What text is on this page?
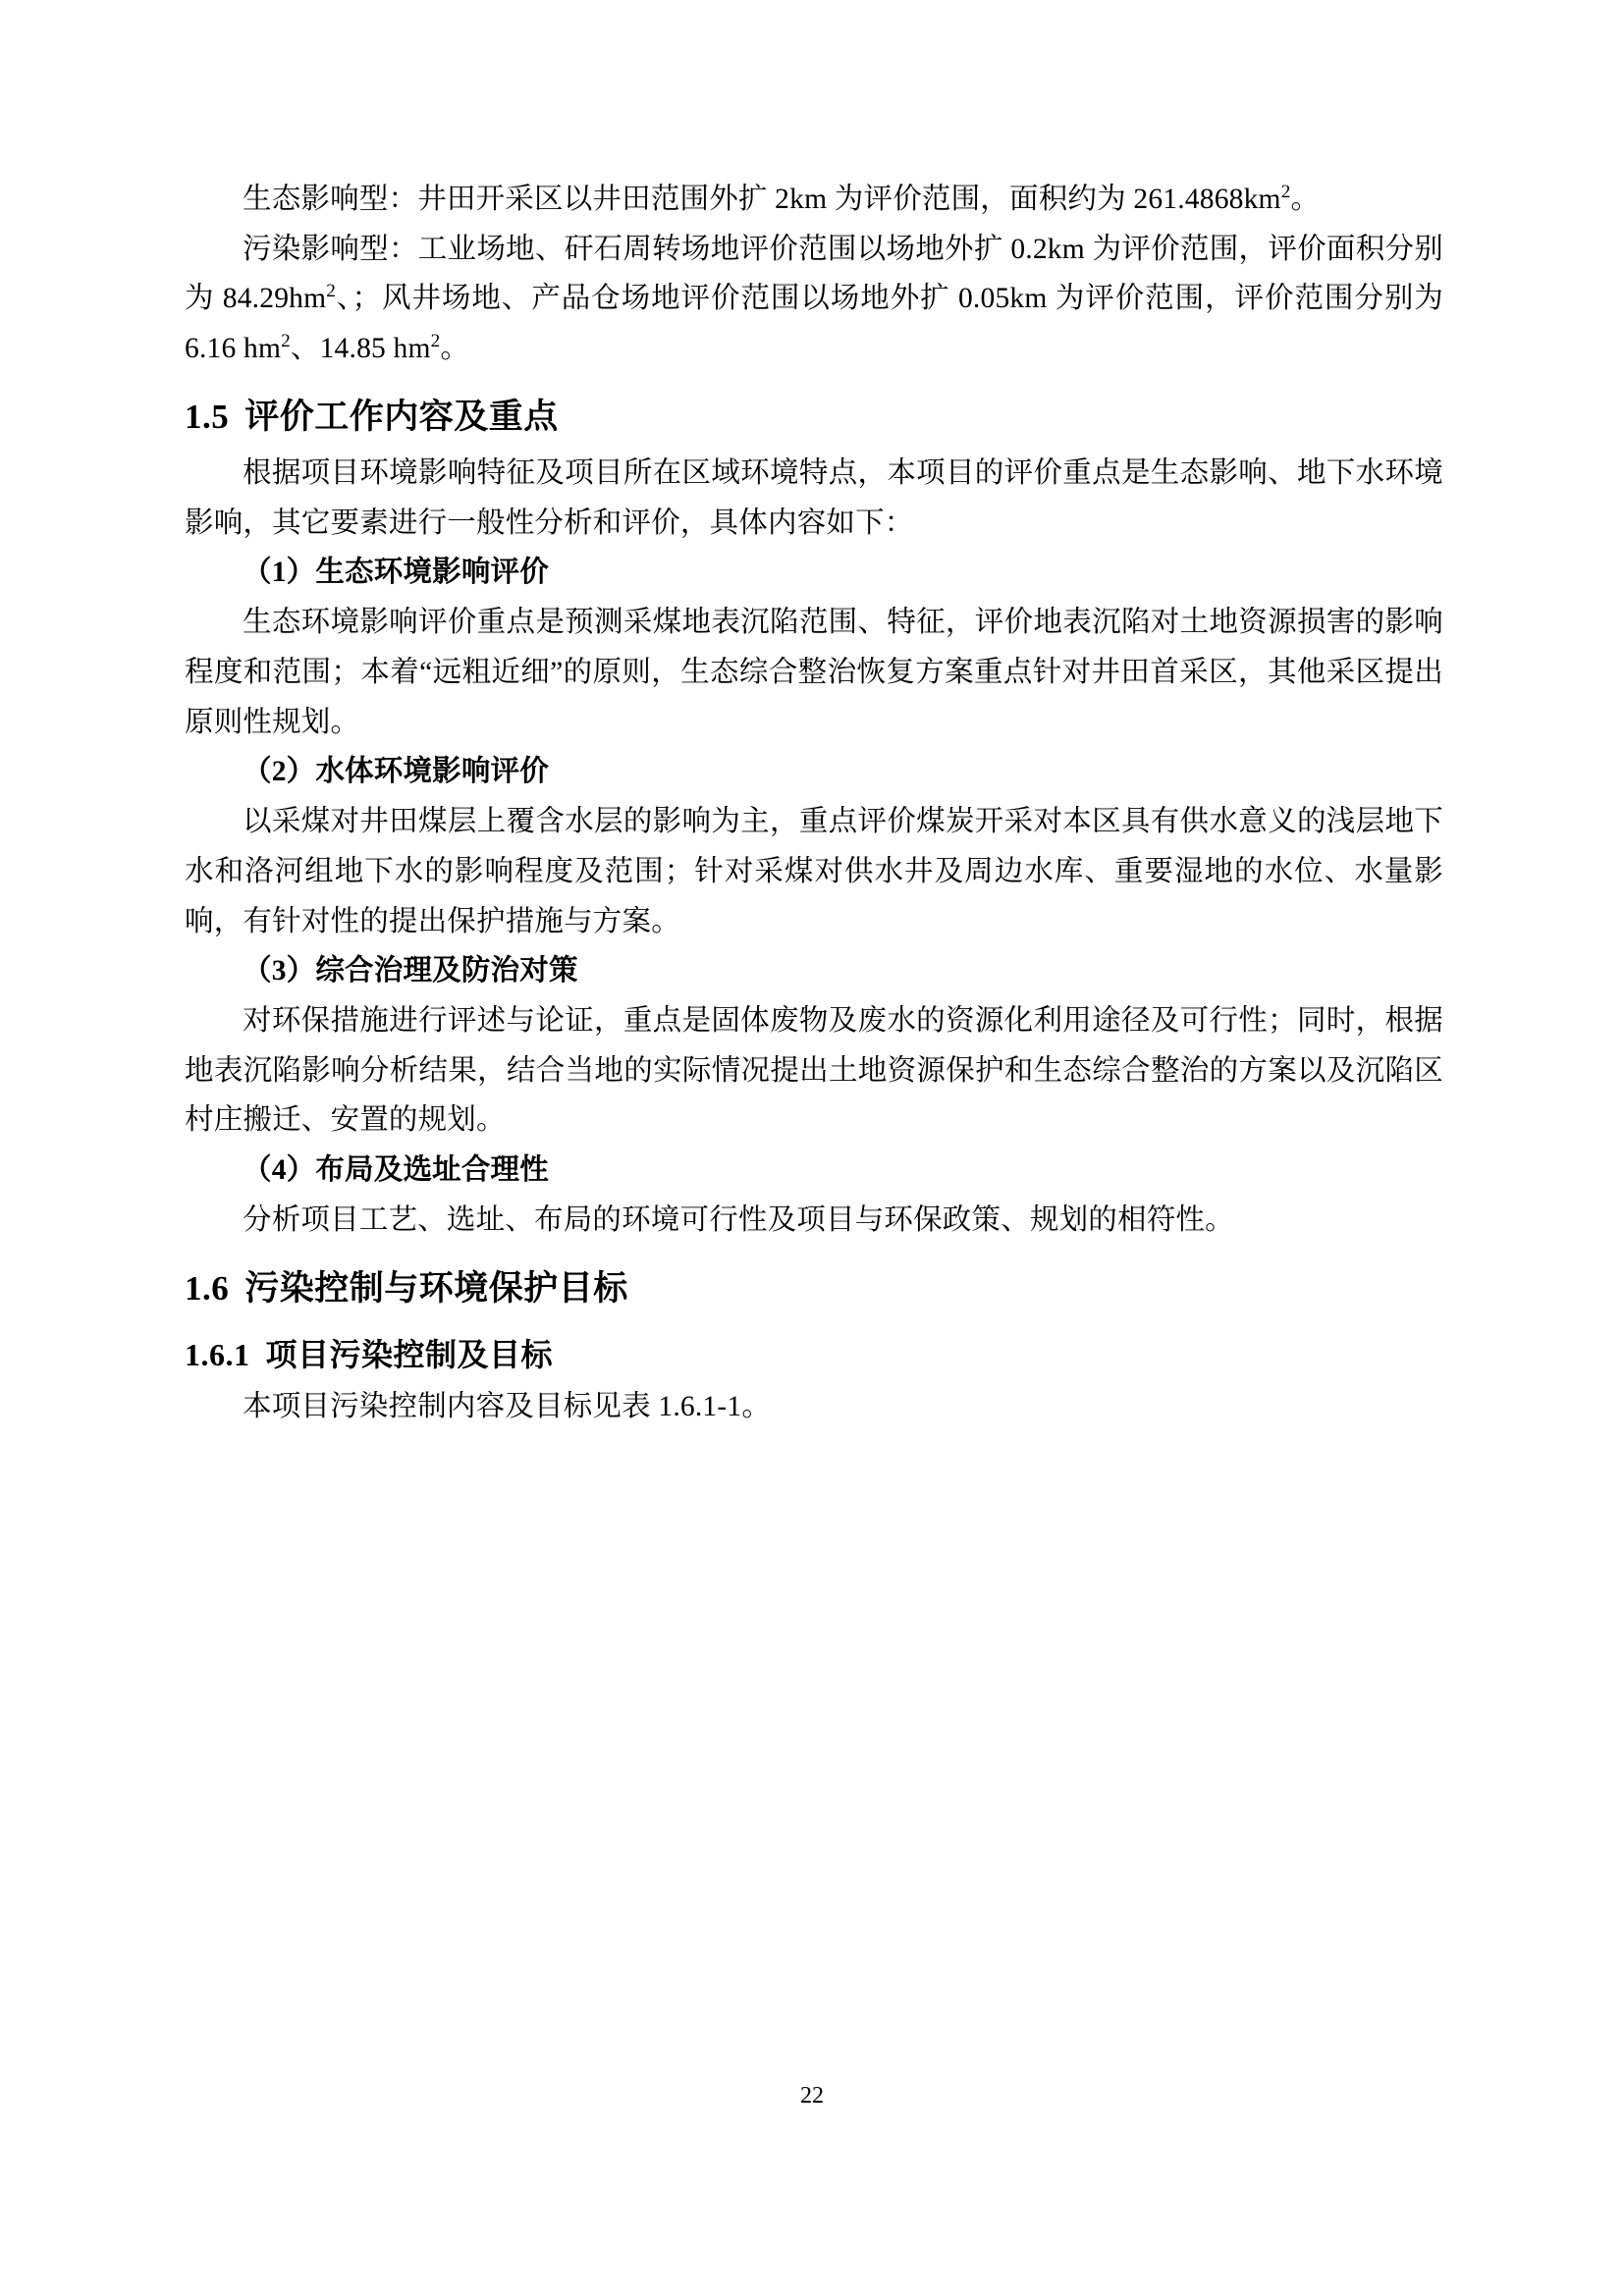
生态影响型：井田开采区以井田范围外扩 2km 为评价范围，面积约为 $261.4868km^2$。

污染影响型：工业场地、矸石周转场地评价范围以场地外扩 0.2km 为评价范围，评价面积分别为 $84.29hm^2$、；风井场地、产品仓场地评价范围以场地外扩 0.05km 为评价范围，评价范围分别为 6.16 $hm^2$、14.85 $hm^2$。

1.5 评价工作内容及重点

根据项目环境影响特征及项目所在区域环境特点，本项目的评价重点是生态影响、地下水环境影响，其它要素进行一般性分析和评价，具体内容如下：

（1）生态环境影响评价

生态环境影响评价重点是预测采煤地表沉陷范围、特征，评价地表沉陷对土地资源损害的影响程度和范围；本着“远粗近细”的原则，生态综合整治恢复方案重点针对井田首采区，其他采区提出原则性规划。

（2）水体环境影响评价

以采煤对井田煤层上覆含水层的影响为主，重点评价煤炭开采对本区具有供水意义的浅层地下水和洛河组地下水的影响程度及范围；针对采煤对供水井及周边水库、重要湿地的水位、水量影响，有针对性的提出保护措施与方案。

（3）综合治理及防治对策

对环保措施进行评述与论证，重点是固体废物及废水的资源化利用途径及可行性；同时，根据地表沉陷影响分析结果，结合当地的实际情况提出土地资源保护和生态综合整治的方案以及沉陷区村庄搬迁、安置的规划。

（4）布局及选址合理性

分析项目工艺、选址、布局的环境可行性及项目与环保政策、规划的相符性。

1.6 污染控制与环境保护目标
1.6.1 项目污染控制及目标

本项目污染控制内容及目标见表 1.6.1-1。

22
